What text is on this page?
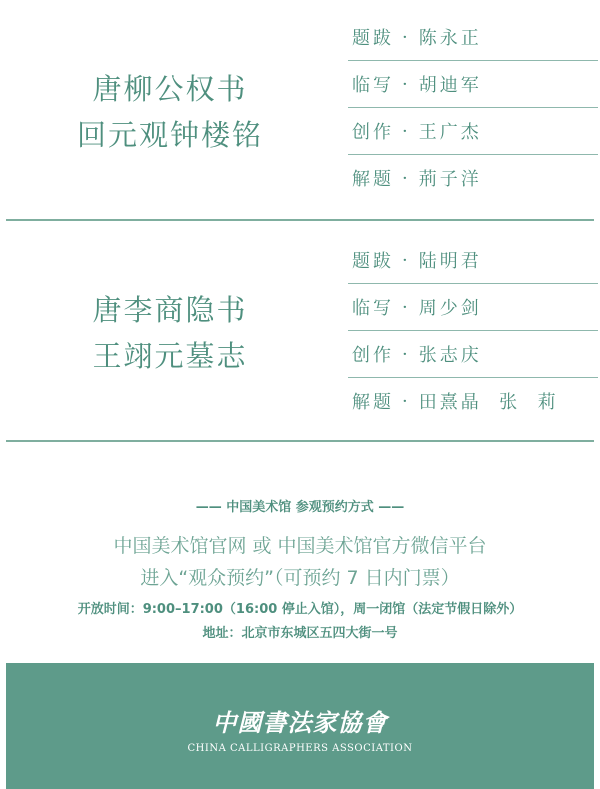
唐柳公权书
回元观钟楼铭
题跋 · 陈永正
临写 · 胡迪军
创作 · 王广杰
解题 · 荊子洋
唐李商隐书
王翊元墓志
题跋 · 陆明君
临写 · 周少剑
创作 · 张志庆
解题 · 田熹晶  张  莉
—— 中国美术馆 参观预约方式 ——
中国美术馆官网 或 中国美术馆官方微信平台
进入“观众预约”（可预约 7 日内门票）
开放时间：9:00–17:00（16:00 停止入馆），周一闭馆（法定节假日除外）
地址：北京市东城区五四大街一号
中國書法家協會
CHINA CALLIGRAPHERS ASSOCIATION
